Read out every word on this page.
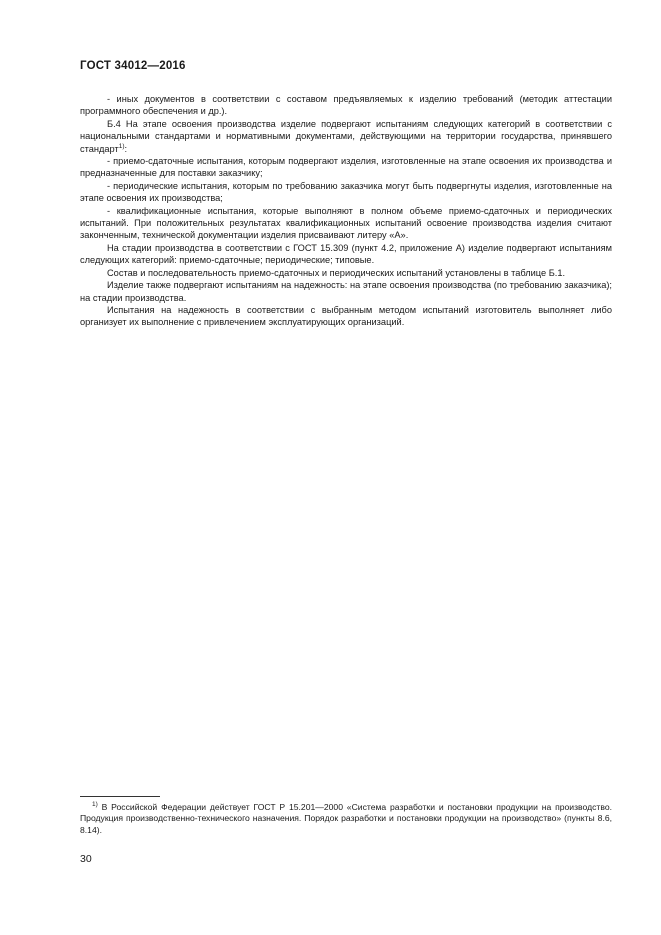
ГОСТ 34012—2016

- иных документов в соответствии с составом предъявляемых к изделию требований (методик аттестации программного обеспечения и др.).

Б.4 На этапе освоения производства изделие подвергают испытаниям следующих категорий в соответствии с национальными стандартами и нормативными документами, действующими на территории государства, принявшего стандарт$^{1)}$:

- приемо-сдаточные испытания, которым подвергают изделия, изготовленные на этапе освоения их производства и предназначенные для поставки заказчику;

- периодические испытания, которым по требованию заказчика могут быть подвергнуты изделия, изготовленные на этапе освоения их производства;

- квалификационные испытания, которые выполняют в полном объеме приемо-сдаточных и периодических испытаний. При положительных результатах квалификационных испытаний освоение производства изделия считают законченным, технической документации изделия присваивают литеру «А».

На стадии производства в соответствии с ГОСТ 15.309 (пункт 4.2, приложение А) изделие подвергают испытаниям следующих категорий: приемо-сдаточные; периодические; типовые.

Состав и последовательность приемо-сдаточных и периодических испытаний установлены в таблице Б.1.

Изделие также подвергают испытаниям на надежность: на этапе освоения производства (по требованию заказчика); на стадии производства.

Испытания на надежность в соответствии с выбранным методом испытаний изготовитель выполняет либо организует их выполнение с привлечением эксплуатирующих организаций.

$^{1)}$ В Российской Федерации действует ГОСТ Р 15.201—2000 «Система разработки и постановки продукции на производство. Продукция производственно-технического назначения. Порядок разработки и постановки продукции на производство» (пункты 8.6, 8.14).

30
